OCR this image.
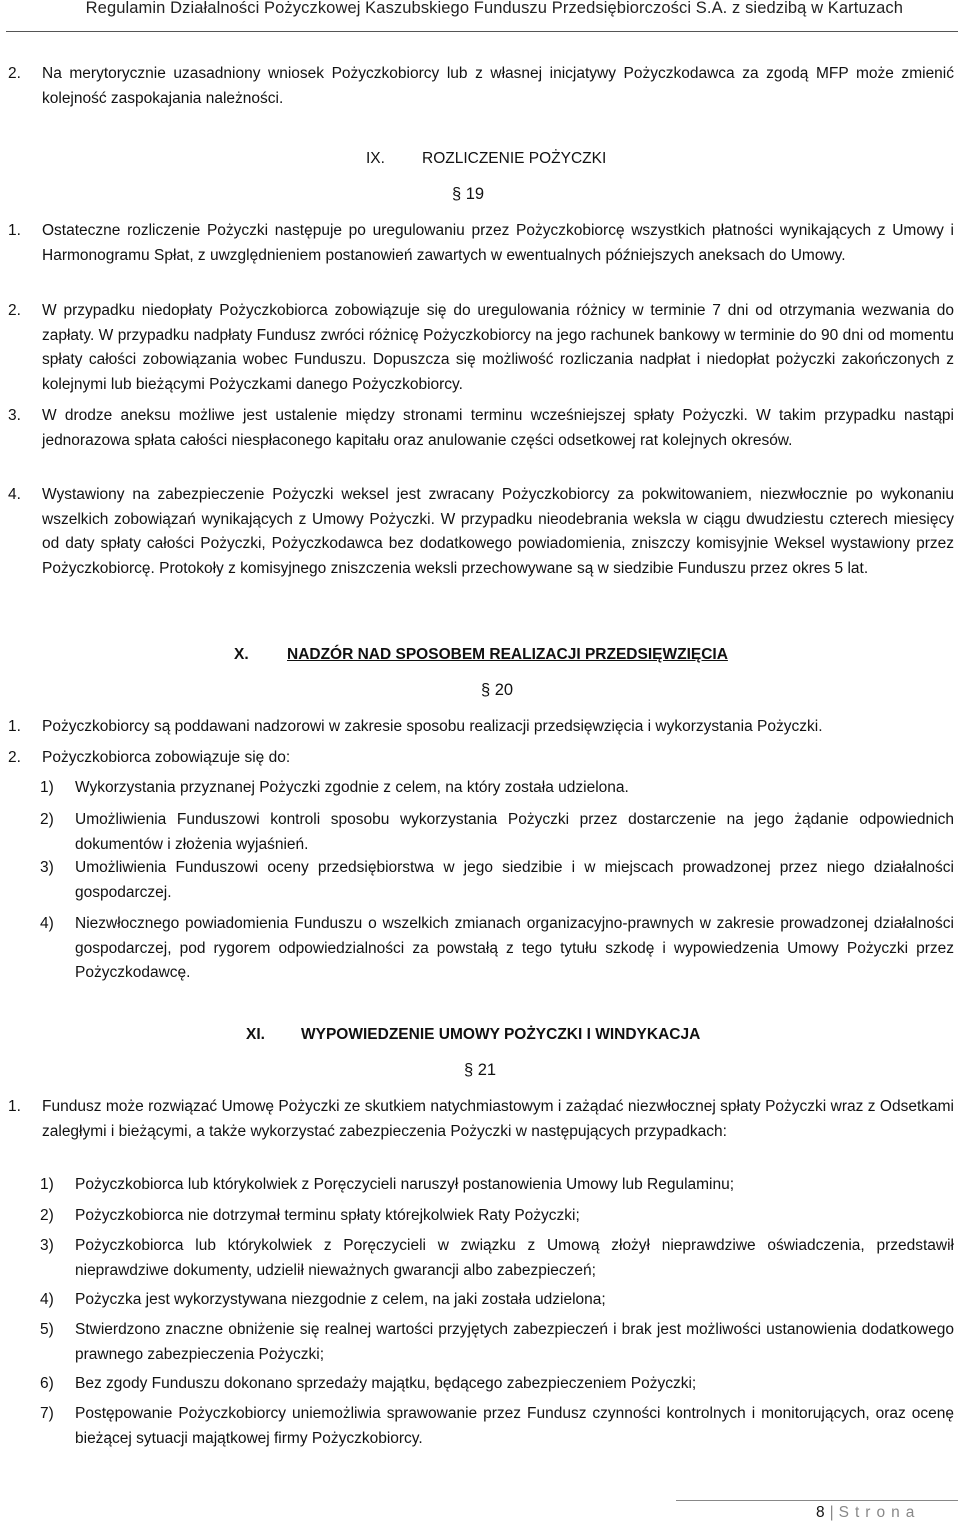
Regulamin Działalności Pożyczkowej Kaszubskiego Funduszu Przedsiębiorczości S.A. z siedzibą w Kartuzach
2. Na merytorycznie uzasadniony wniosek Pożyczkobiorcy lub z własnej inicjatywy Pożyczkodawca za zgodą MFP może zmienić kolejność zaspokajania należności.
IX. ROZLICZENIE POŻYCZKI
§ 19
1. Ostateczne rozliczenie Pożyczki następuje po uregulowaniu przez Pożyczkobiorcę wszystkich płatności wynikających z Umowy i Harmonogramu Spłat, z uwzględnieniem postanowień zawartych w ewentualnych późniejszych aneksach do Umowy.
2. W przypadku niedopłaty Pożyczkobiorca zobowiązuje się do uregulowania różnicy w terminie 7 dni od otrzymania wezwania do zapłaty. W przypadku nadpłaty Fundusz zwróci różnicę Pożyczkobiorcy na jego rachunek bankowy w terminie do 90 dni od momentu spłaty całości zobowiązania wobec Funduszu. Dopuszcza się możliwość rozliczania nadpłat i niedopłat pożyczki zakończonych z kolejnymi lub bieżącymi Pożyczkami danego Pożyczkobiorcy.
3. W drodze aneksu możliwe jest ustalenie między stronami terminu wcześniejszej spłaty Pożyczki. W takim przypadku nastąpi jednorazowa spłata całości niespłaconego kapitału oraz anulowanie części odsetkowej rat kolejnych okresów.
4. Wystawiony na zabezpieczenie Pożyczki weksel jest zwracany Pożyczkobiorcy za pokwitowaniem, niezwłocznie po wykonaniu wszelkich zobowiązań wynikających z Umowy Pożyczki. W przypadku nieodebrania weksla w ciągu dwudziestu czterech miesięcy od daty spłaty całości Pożyczki, Pożyczkodawca bez dodatkowego powiadomienia, zniszczy komisyjnie Weksel wystawiony przez Pożyczkobiorcę. Protokoły z komisyjnego zniszczenia weksli przechowywane są w siedzibie Funduszu przez okres 5 lat.
X. NADZÓR NAD SPOSOBEM REALIZACJI PRZEDSIĘWZIĘCIA
§ 20
1. Pożyczkobiorcy są poddawani nadzorowi w zakresie sposobu realizacji przedsięwzięcia i wykorzystania Pożyczki.
2. Pożyczkobiorca zobowiązuje się do:
1) Wykorzystania przyznanej Pożyczki zgodnie z celem, na który została udzielona.
2) Umożliwienia Funduszowi kontroli sposobu wykorzystania Pożyczki przez dostarczenie na jego żądanie odpowiednich dokumentów i złożenia wyjaśnień.
3) Umożliwienia Funduszowi oceny przedsiębiorstwa w jego siedzibie i w miejscach prowadzonej przez niego działalności gospodarczej.
4) Niezwłocznego powiadomienia Funduszu o wszelkich zmianach organizacyjno-prawnych w zakresie prowadzonej działalności gospodarczej, pod rygorem odpowiedzialności za powstałą z tego tytułu szkodę i wypowiedzenia Umowy Pożyczki przez Pożyczkodawcę.
XI. WYPOWIEDZENIE UMOWY POŻYCZKI I WINDYKACJA
§ 21
1. Fundusz może rozwiązać Umowę Pożyczki ze skutkiem natychmiastowym i zażądać niezwłocznej spłaty Pożyczki wraz z Odsetkami zaległymi i bieżącymi, a także wykorzystać zabezpieczenia Pożyczki w następujących przypadkach:
1) Pożyczkobiorca lub którykolwiek z Poręczycieli naruszył postanowienia Umowy lub Regulaminu;
2) Pożyczkobiorca nie dotrzymał terminu spłaty którejkolwiek Raty Pożyczki;
3) Pożyczkobiorca lub którykolwiek z Poręczycieli w związku z Umową złożył nieprawdziwe oświadczenia, przedstawił nieprawdziwe dokumenty, udzielił nieważnych gwarancji albo zabezpieczeń;
4) Pożyczka jest wykorzystywana niezgodnie z celem, na jaki została udzielona;
5) Stwierdzono znaczne obniżenie się realnej wartości przyjętych zabezpieczeń i brak jest możliwości ustanowienia dodatkowego prawnego zabezpieczenia Pożyczki;
6) Bez zgody Funduszu dokonano sprzedaży majątku, będącego zabezpieczeniem Pożyczki;
7) Postępowanie Pożyczkobiorcy uniemożliwia sprawowanie przez Fundusz czynności kontrolnych i monitorujących, oraz ocenę bieżącej sytuacji majątkowej firmy Pożyczkobiorcy.
8 | Strona
